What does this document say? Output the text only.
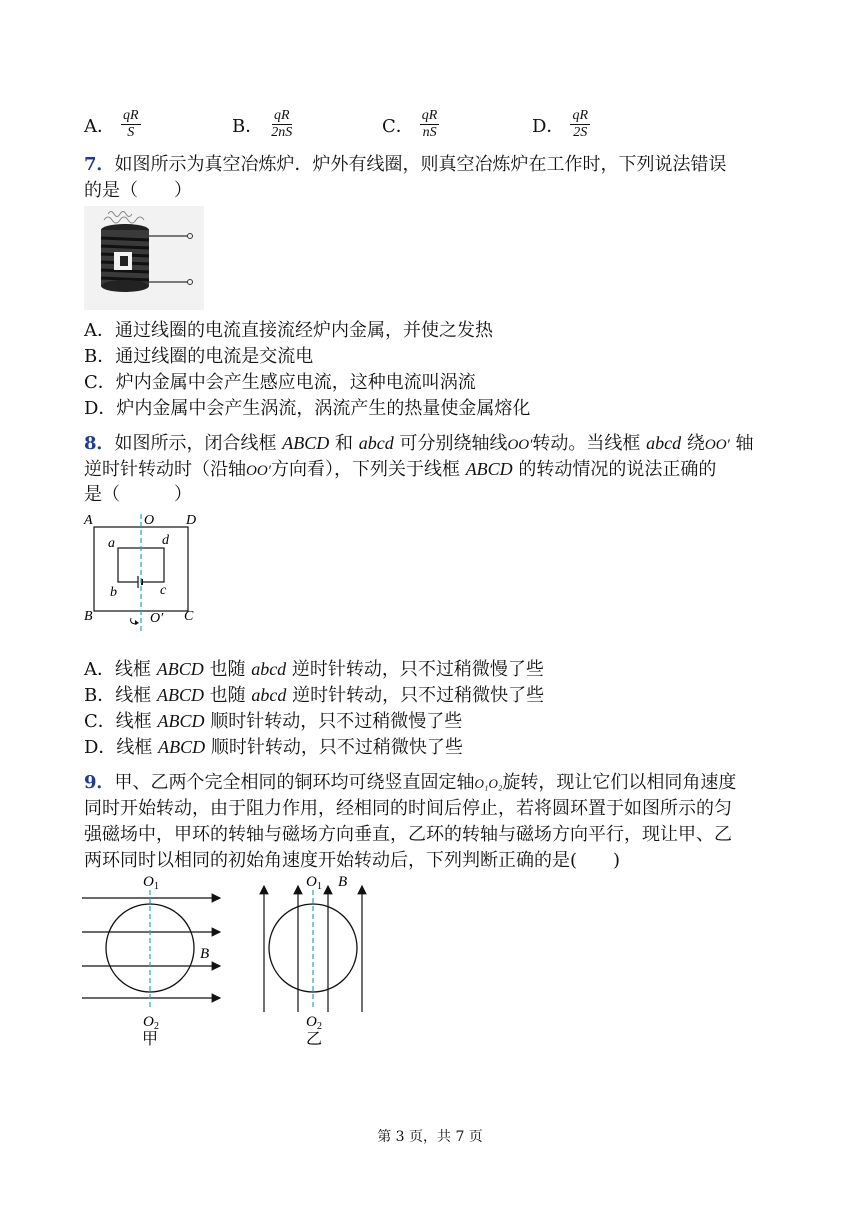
A． $\frac{qR}{S}$	B． $\frac{qR}{2nS}$	C． $\frac{qR}{nS}$	D． $\frac{qR}{2S}$
7．如图所示为真空冶炼炉．炉外有线圈，则真空冶炼炉在工作时，下列说法错误
的是（　　）
A．通过线圈的电流直接流经炉内金属，并使之发热
B．通过线圈的电流是交流电
C．炉内金属中会产生感应电流，这种电流叫涡流
D．炉内金属中会产生涡流，涡流产生的热量使金属熔化
8．如图所示，闭合线框 ABCD 和 abcd 可分别绕轴线OO′转动。当线框 abcd 绕OO′ 轴
逆时针转动时（沿轴OO′方向看），下列关于线框 ABCD 的转动情况的说法正确的
是（　　　）
A	O D
a	d
b	c
B	O′ C
A．线框 ABCD 也随 abcd 逆时针转动，只不过稍微慢了些
B．线框 ABCD 也随 abcd 逆时针转动，只不过稍微快了些
C．线框 ABCD 顺时针转动，只不过稍微慢了些
D．线框 ABCD 顺时针转动，只不过稍微快了些
9．甲、乙两个完全相同的铜环均可绕竖直固定轴O₁O₂旋转，现让它们以相同角速度
同时开始转动，由于阻力作用，经相同的时间后停止，若将圆环置于如图所示的匀
强磁场中，甲环的转轴与磁场方向垂直，乙环的转轴与磁场方向平行，现让甲、乙
两环同时以相同的初始角速度开始转动后，下列判断正确的是(　　)
O 1
B
O 2
甲
O 1 B
O 2
乙
第 3 页，共 7 页
